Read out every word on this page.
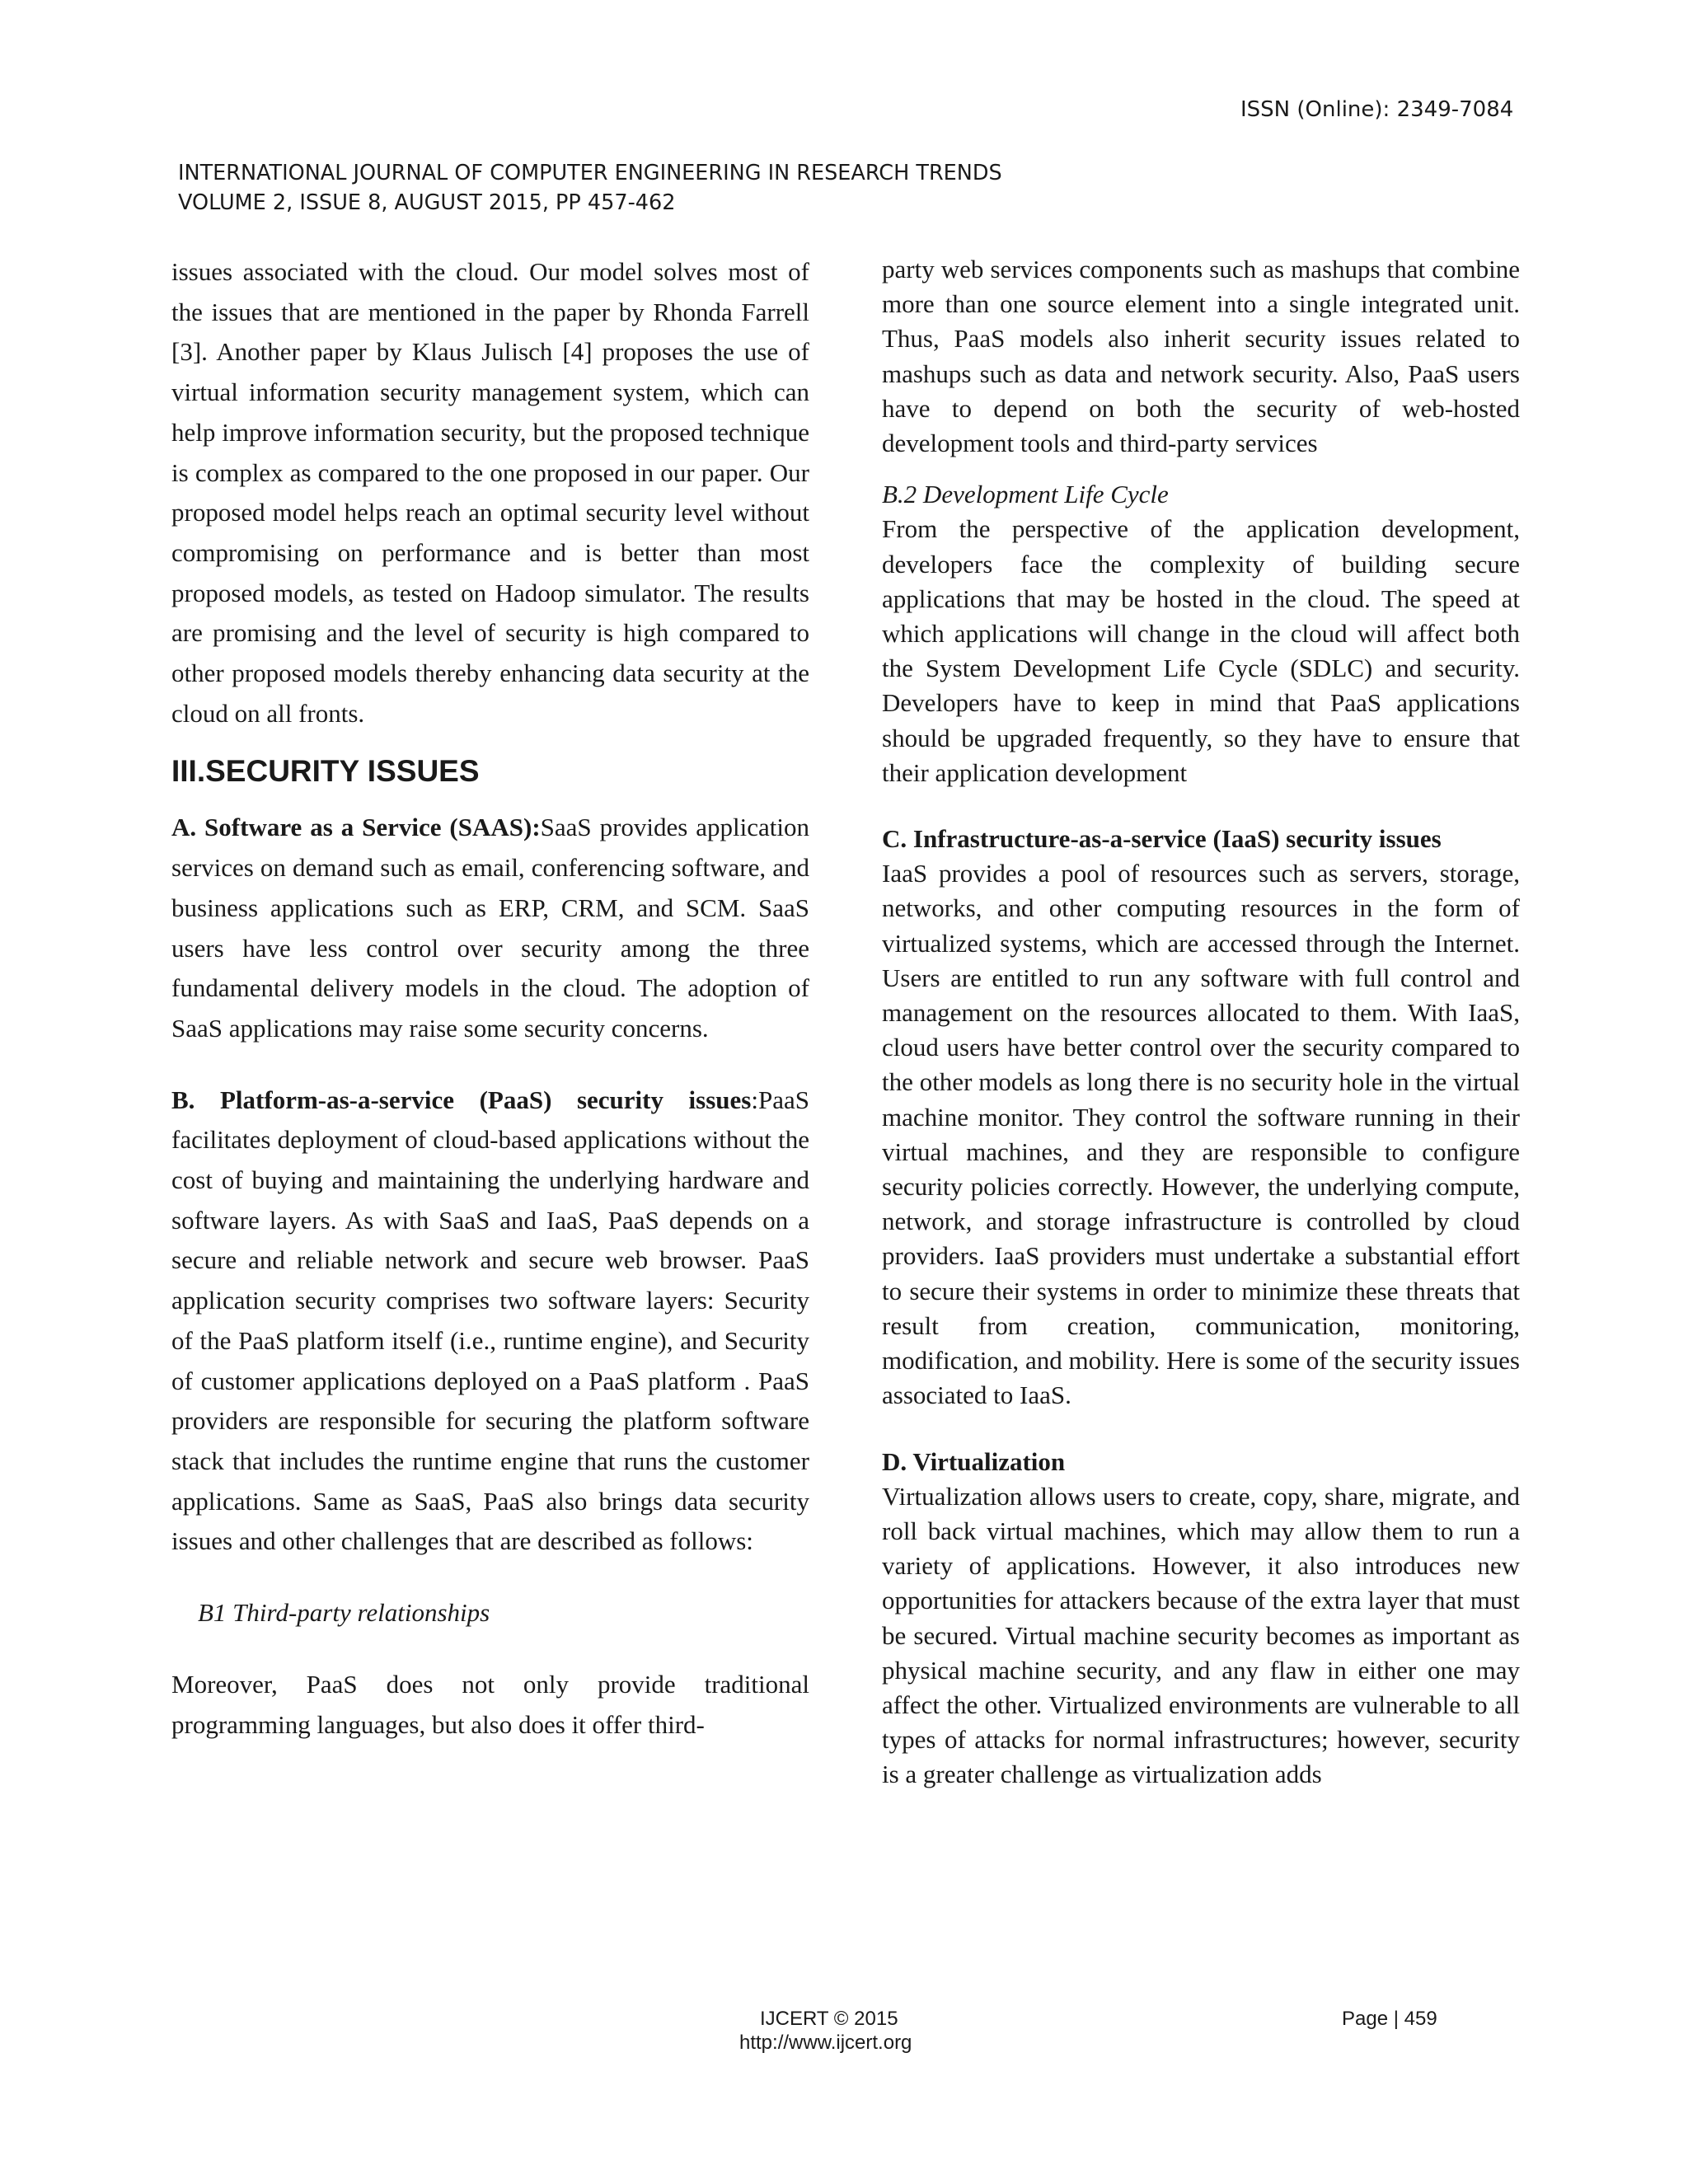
ISSN (Online): 2349-7084
INTERNATIONAL JOURNAL OF COMPUTER ENGINEERING IN RESEARCH TRENDS
VOLUME 2, ISSUE 8, AUGUST 2015, PP 457-462

issues associated with the cloud. Our model solves most of the issues that are mentioned in the paper by Rhonda Farrell [3]. Another paper by Klaus Julisch [4] proposes the use of virtual information security management system, which can help improve information security, but the proposed technique is complex as compared to the one proposed in our paper. Our proposed model helps reach an optimal security level without compromising on performance and is better than most proposed models, as tested on Hadoop simulator. The results are promising and the level of security is high compared to other proposed models thereby enhancing data security at the cloud on all fronts.

III.SECURITY ISSUES

A. Software as a Service (SAAS):SaaS provides application services on demand such as email, conferencing software, and business applications such as ERP, CRM, and SCM. SaaS users have less control over security among the three fundamental delivery models in the cloud. The adoption of SaaS applications may raise some security concerns.

B. Platform-as-a-service (PaaS) security issues:PaaS facilitates deployment of cloud-based applications without the cost of buying and maintaining the underlying hardware and software layers. As with SaaS and IaaS, PaaS depends on a secure and reliable network and secure web browser. PaaS application security comprises two software layers: Security of the PaaS platform itself (i.e., runtime engine), and Security of customer applications deployed on a PaaS platform . PaaS providers are responsible for securing the platform software stack that includes the runtime engine that runs the customer applications. Same as SaaS, PaaS also brings data security issues and other challenges that are described as follows:

B1 Third-party relationships

Moreover, PaaS does not only provide traditional programming languages, but also does it offer third-

party web services components such as mashups that combine more than one source element into a single integrated unit. Thus, PaaS models also inherit security issues related to mashups such as data and network security. Also, PaaS users have to depend on both the security of web-hosted development tools and third-party services

B.2 Development Life Cycle

From the perspective of the application development, developers face the complexity of building secure applications that may be hosted in the cloud. The speed at which applications will change in the cloud will affect both the System Development Life Cycle (SDLC) and security. Developers have to keep in mind that PaaS applications should be upgraded frequently, so they have to ensure that their application development

C. Infrastructure-as-a-service (IaaS) security issues

IaaS provides a pool of resources such as servers, storage, networks, and other computing resources in the form of virtualized systems, which are accessed through the Internet. Users are entitled to run any software with full control and management on the resources allocated to them. With IaaS, cloud users have better control over the security compared to the other models as long there is no security hole in the virtual machine monitor. They control the software running in their virtual machines, and they are responsible to configure security policies correctly. However, the underlying compute, network, and storage infrastructure is controlled by cloud providers. IaaS providers must undertake a substantial effort to secure their systems in order to minimize these threats that result from creation, communication, monitoring, modification, and mobility. Here is some of the security issues associated to IaaS.

D. Virtualization

Virtualization allows users to create, copy, share, migrate, and roll back virtual machines, which may allow them to run a variety of applications. However, it also introduces new opportunities for attackers because of the extra layer that must be secured. Virtual machine security becomes as important as physical machine security, and any flaw in either one may affect the other. Virtualized environments are vulnerable to all types of attacks for normal infrastructures; however, security is a greater challenge as virtualization adds

IJCERT © 2015
http://www.ijcert.org
Page | 459
